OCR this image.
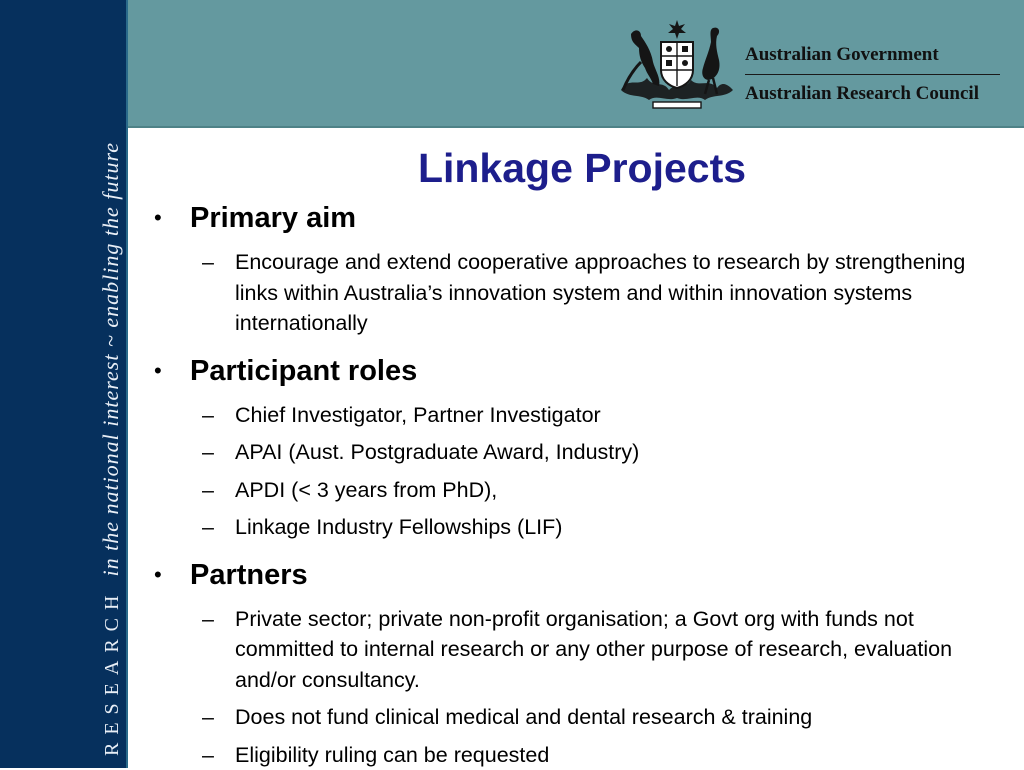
RESEARCH  in the national interest ~ enabling the future
Australian Government
Australian Research Council
Linkage Projects
• Primary aim
– Encourage and extend cooperative approaches to research by strengthening links within Australia’s innovation system and within innovation systems internationally
• Participant roles
– Chief Investigator, Partner Investigator
– APAI (Aust. Postgraduate Award, Industry)
– APDI (< 3 years from PhD),
– Linkage Industry Fellowships (LIF)
• Partners
– Private sector; private non-profit organisation; a Govt org with funds not committed to internal research or any other purpose of research, evaluation and/or consultancy.
– Does not fund clinical medical and dental research & training
– Eligibility ruling can be requested
